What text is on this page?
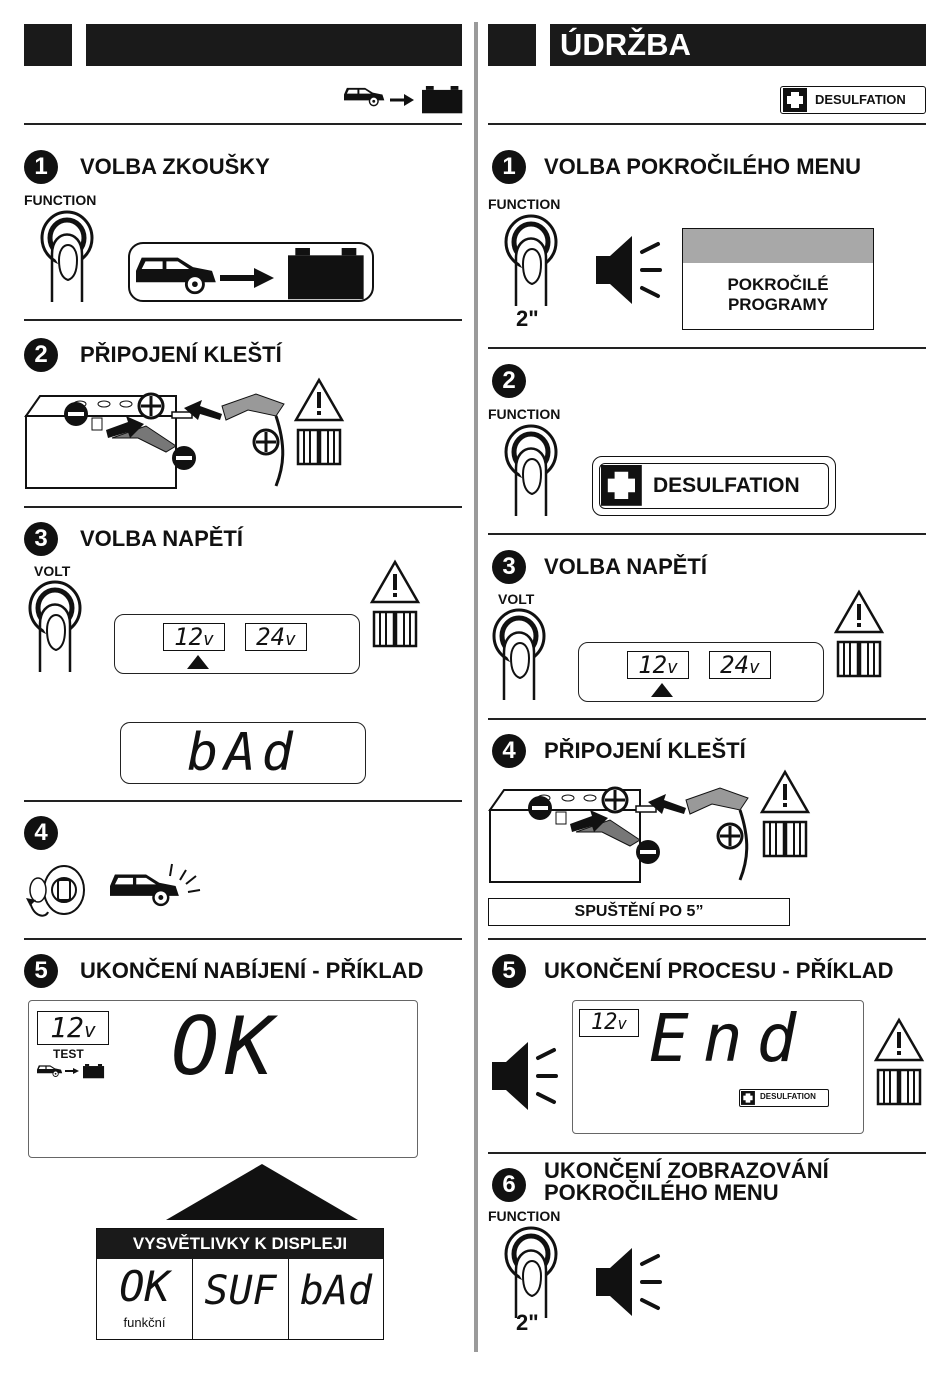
1	VOLBA ZKOUŠKY
FUNCTION
2	PŘIPOJENÍ KLEŠTÍ
3	VOLBA NAPĚTÍ
VOLT
12v	24v
bAd
4
5	UKONČENÍ NABÍJENÍ - PŘÍKLAD
12v
TEST OK
VYSVĚTLIVKY K DISPLEJI
OK
funkční
SUF bAd
ÚDRŽBA
DESULFATION
1	VOLBA POKROČILÉHO MENU
FUNCTION
2"
POKROČILÉ
PROGRAMY
2
FUNCTION
DESULFATION
3	VOLBA NAPĚTÍ
VOLT
12v	24v
4	PŘIPOJENÍ KLEŠTÍ
SPUŠTĚNÍ PO 5”
5	UKONČENÍ PROCESU - PŘÍKLAD
12v End
DESULFATION
6
UKONČENÍ ZOBRAZOVÁNÍ
POKROČILÉHO MENU
FUNCTION
2"
